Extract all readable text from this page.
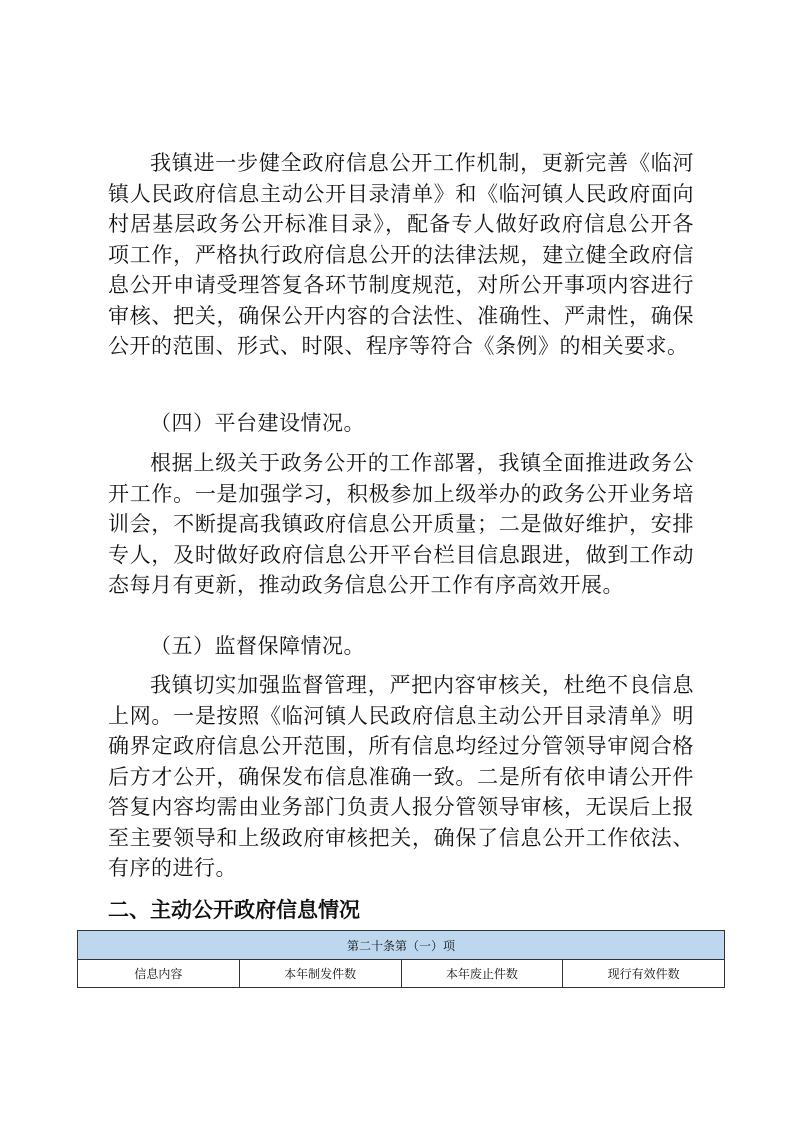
我镇进一步健全政府信息公开工作机制，更新完善《临河镇人民政府信息主动公开目录清单》和《临河镇人民政府面向村居基层政务公开标准目录》，配备专人做好政府信息公开各项工作，严格执行政府信息公开的法律法规，建立健全政府信息公开申请受理答复各环节制度规范，对所公开事项内容进行审核、把关，确保公开内容的合法性、准确性、严肃性，确保公开的范围、形式、时限、程序等符合《条例》的相关要求。

（四）平台建设情况。

根据上级关于政务公开的工作部署，我镇全面推进政务公开工作。一是加强学习，积极参加上级举办的政务公开业务培训会，不断提高我镇政府信息公开质量；二是做好维护，安排专人，及时做好政府信息公开平台栏目信息跟进，做到工作动态每月有更新，推动政务信息公开工作有序高效开展。

（五）监督保障情况。

我镇切实加强监督管理，严把内容审核关，杜绝不良信息上网。一是按照《临河镇人民政府信息主动公开目录清单》明确界定政府信息公开范围，所有信息均经过分管领导审阅合格后方才公开，确保发布信息准确一致。二是所有依申请公开件答复内容均需由业务部门负责人报分管领导审核，无误后上报至主要领导和上级政府审核把关，确保了信息公开工作依法、有序的进行。

二、主动公开政府信息情况

第二十条第（一）项
信息内容	本年制发件数	本年废止件数	现行有效件数
